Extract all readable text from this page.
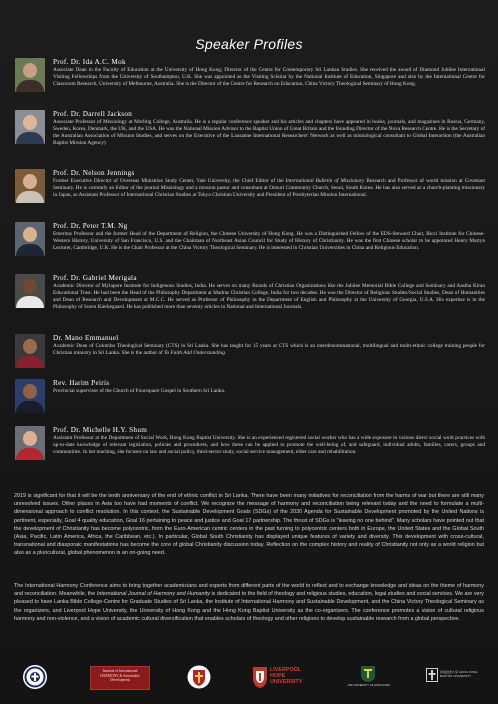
Speaker Profiles
Prof. Dr. Ida A.C. Mok
Associate Dean in the Faculty of Education at the University of Hong Kong; Director of the Centre for Contemporary Sri Lankan Studies. She received the award of Diamond Jubilee International Visiting Fellowships from the University of Southampton, U.K. She was appointed as the Visiting Scholar by the National Institute of Education, Singapore and also by the International Centre for Classroom Research, University of Melbourne, Australia. She is the Director of the Centre for Research on Education, China Victory Theological Seminary of Hong Kong.
Prof. Dr. Darrell Jackson
Associate Professor of Missiology at Morling College, Australia. He is a regular conference speaker and his articles and chapters have appeared in books, journals, and magazines in Russia, Germany, Sweden, Korea, Denmark, the UK, and the USA. He was the National Mission Advisor to the Baptist Union of Great Britain and the founding Director of the Nova Research Centre. He is the Secretary of the Australian Association of Mission Studies, and serves on the Executive of the Lausanne International Researchers' Network as well as missiological consultant to Global Interaction (the Australian Baptist Mission Agency)
Prof. Dr. Nelson Jennings
Former Executive Director of Overseas Ministries Study Center, Yale University, the Chief Editor of the International Bulletin of Missionary Research and Professor of world mission at Covenant Seminary. He is currently an Editor of the journal Missiology and a mission pastor and consultant at Onnuri Community Church, Seoul, South Korea. He has also served as a church-planting missionary in Japan, as Assistant Professor of International Christian Studies at Tokyo Christian University and President of Presbyterian Mission International.
Prof. Dr. Peter T.M. Ng
Emeritus Professor and the former Head of the Department of Religion, the Chinese University of Hong Kong. He was a Distinguished Fellow of the EDS-Steward Chair, Ricci Institute for Chinese-Western History, University of San Francisco, U.S. and the Chairman of Northeast Asian Council for Study of History of Christianity. He was the first Chinese scholar to be appointed Henry Martyn Lecturer, Cambridge, U.K. He is the Chair Professor at the China Victory Theological Seminary. He is interested in Christian Universities in China and Religious Education.
Prof. Dr. Gabriel Merigala
Academic Director of Mylapore Institute for Indigenous Studies, India. He serves on many Boards of Christian Organizations like the Jubilee Memorial Bible College and Seminary and Aastha Kiran Educational Trust. He had been the Head of the Philosophy Department at Madras Christian College, India for two decades. He was the Director of Religious Studies/Social Studies, Dean of Humanities and Dean of Research and Development at M.C.C. He served as Professor of Philosophy in the Department of English and Philosophy at the University of Georgia, U.S.A. His expertise is in the Philosophy of Soren Kierkegaard. He has published more than seventy articles in National and International Journals.
Dr. Mano Emmanuel
Academic Dean of Colombo Theological Seminary (CTS) in Sri Lanka. She has taught for 15 years at CTS which is an interdenominational, multilingual and multi-ethnic college training people for Christian ministry in Sri Lanka. She is the author of To Faith Add Understanding.
Rev. Harim Peiris
Provincial supervisor of the Church of Foursquare Gospel in Southern Sri Lanka.
Prof. Dr. Michelle H.Y. Shum
Assistant Professor at the Department of Social Work, Hong Kong Baptist University. She is an experienced registered social worker who has a wide exposure in various direct social work practices with up-to-date knowledge of relevant legislation, policies and procedures, and how these can be applied to promote the well-being of, and safeguard, individual adults, families, carers, groups and communities. In her teaching, she focuses on law and social policy, third-sector study, social service management, elder care and rehabilitation.
2019 is significant for that it will be the tenth anniversary of the end of ethnic conflict in Sri Lanka. There have been many initiatives for reconciliation from the harms of war but there are still many unresolved issues. Other places in Asia too have had moments of conflict. We recognize the message of harmony and reconciliation being relevant today and the need to formulate a multi-dimensional approach to conflict resolution. In this context, the Sustainable Development Goals (SDGs) of the 2030 Agenda for Sustainable Development promoted by the United Nations is pertinent, especially, Goal 4 quality education, Goal 16 pertaining to peace and justice and Goal 17 partnership. The thrust of SDGs is "leaving no one behind". Many scholars have pointed out that the development of Christianity has become polycentric, from the Euro-American centric centers in the past turning to polycentric centers both in Europe, the United States and the Global South (Asia, Pacific, Latin America, Africa, the Caribbean, etc.). In particular, Global South Christianity has displayed unique features of variety and diversity. This development with cross-cultural, transnational and diasporaic manifestations has become the core of global Christianity discussion today. Reflection on the complex history and reality of Christianity not only as a world religion but also as a pluricultural, global phenomenon is an on-going need.
The International Harmony Conference aims to bring together academicians and experts from different parts of the world to reflect and to exchange knowledge and ideas on the theme of harmony and reconciliation. Meanwhile, the International Journal of Harmony and Humanity is dedicated to the field of theology and religious studies, education, legal studies and social services. We are very pleased to have Lanka Bible College-Centre for Graduate Studies of Sri Lanka, the Institute of International Harmony and Sustainable Development, and the China Victory Theological Seminary as the organizers, and Liverpool Hope University, the University of Hong Kong and the Hong Kong Baptist University as the co-organizers. The conference promotes a vision of cultural religious harmony and non-violence, and a vision of academic cultural diversification that enables scholars of theology and other religions to develop sustainable research from a global perspective.
Institute of International HARMONY & Sustainable Development
LIVERPOOL HOPE UNIVERSITY
THE UNIVERSITY OF HONG KONG
香港浸會大學 HONG KONG BAPTIST UNIVERSITY
